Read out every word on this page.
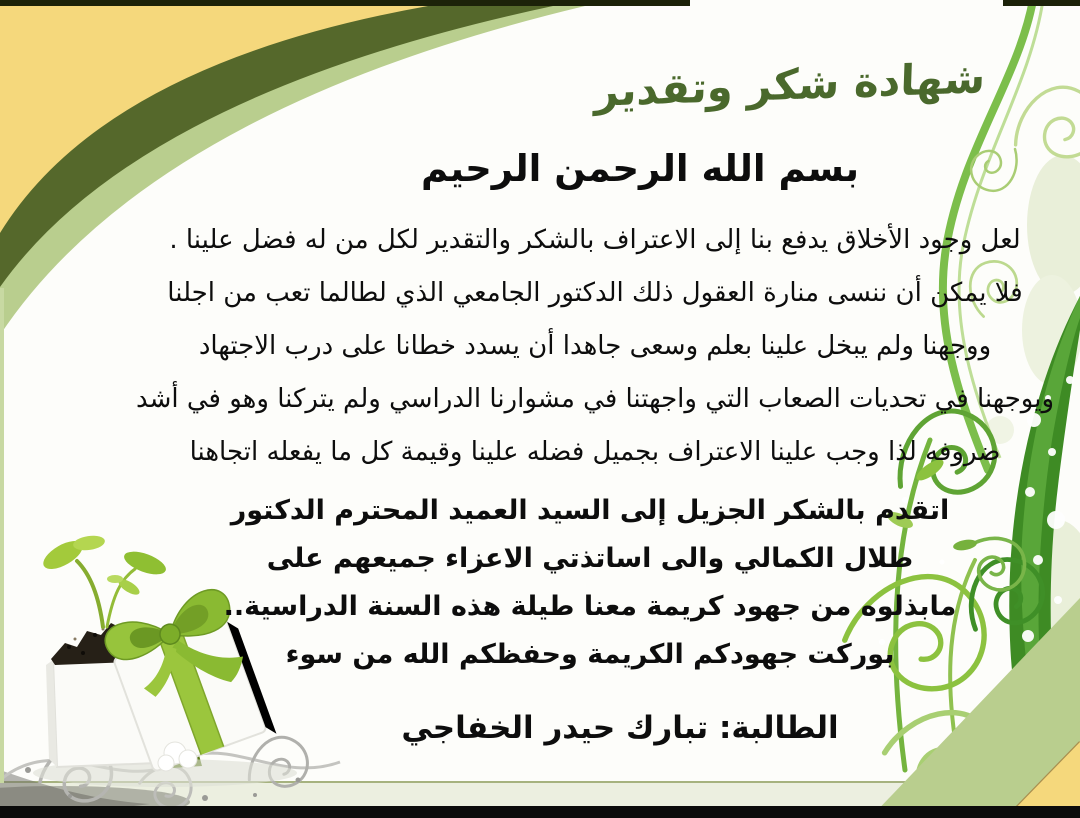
شهادة شكر وتقدير
بسم الله الرحمن الرحيم
لعل وجود الأخلاق يدفع بنا إلى الاعتراف بالشكر والتقدير لكل من له فضل علينا .
فلا يمكن أن ننسى منارة العقول ذلك الدكتور الجامعي الذي لطالما تعب من اجلنا
ووجهنا ولم يبخل علينا بعلم وسعى جاهدا أن يسدد خطانا على درب الاجتهاد
ويوجهنا في تحديات الصعاب التي واجهتنا في مشوارنا الدراسي ولم يتركنا وهو في أشد
ضروفه لذا وجب علينا الاعتراف بجميل فضله علينا وقيمة كل ما يفعله اتجاهنا
اتقدم بالشكر الجزيل إلى السيد العميد المحترم الدكتور
طلال الكمالي والى اساتذتي الاعزاء جميعهم على
مابذلوه من جهود كريمة معنا طيلة هذه السنة الدراسية..
بوركت جهودكم الكريمة وحفظكم الله من سوء
الطالبة: تبارك حيدر الخفاجي
